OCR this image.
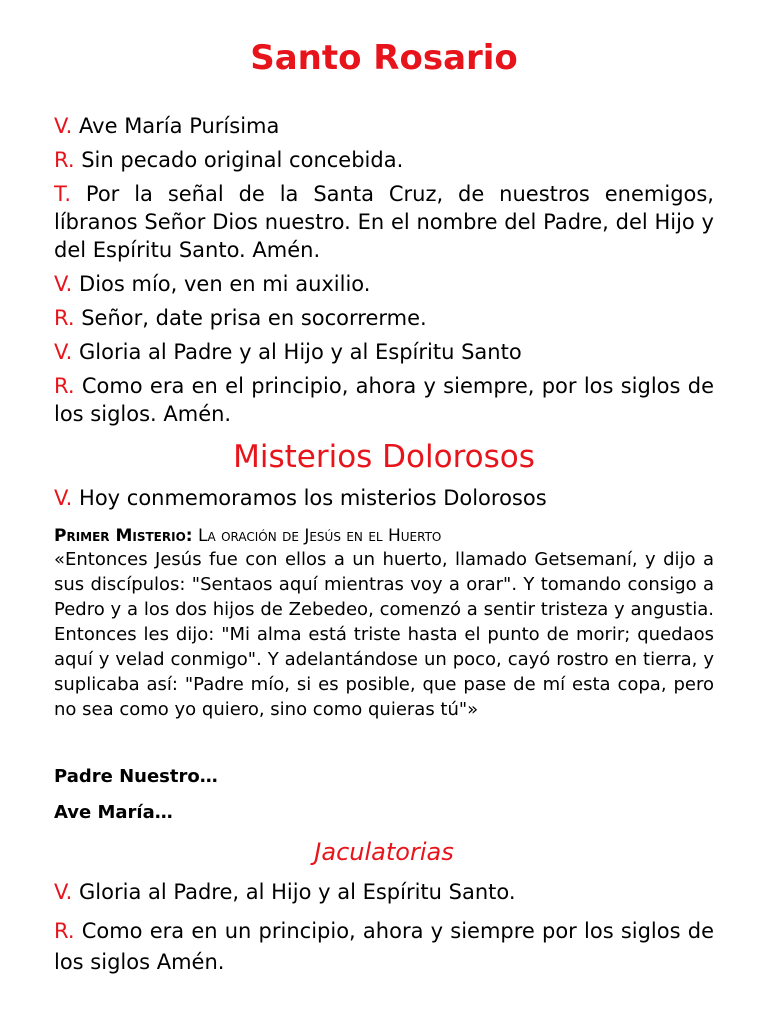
Santo Rosario

V. Ave María Purísima

R. Sin pecado original concebida.

T. Por la señal de la Santa Cruz, de nuestros enemigos, líbranos Señor Dios nuestro. En el nombre del Padre, del Hijo y del Espíritu Santo. Amén.

V. Dios mío, ven en mi auxilio.

R. Señor, date prisa en socorrerme.

V. Gloria al Padre y al Hijo y al Espíritu Santo

R. Como era en el principio, ahora y siempre, por los siglos de los siglos. Amén.

Misterios Dolorosos

V. Hoy conmemoramos los misterios Dolorosos

Primer Misterio: La oración de Jesús en el Huerto

«Entonces Jesús fue con ellos a un huerto, llamado Getsemaní, y dijo a sus discípulos: "Sentaos aquí mientras voy a orar". Y tomando consigo a Pedro y a los dos hijos de Zebedeo, comenzó a sentir tristeza y angustia. Entonces les dijo: "Mi alma está triste hasta el punto de morir; quedaos aquí y velad conmigo". Y adelantándose un poco, cayó rostro en tierra, y suplicaba así: "Padre mío, si es posible, que pase de mí esta copa, pero no sea como yo quiero, sino como quieras tú"»

Padre Nuestro…

Ave María…

Jaculatorias

V. Gloria al Padre, al Hijo y al Espíritu Santo.

R. Como era en un principio, ahora y siempre por los siglos de los siglos Amén.
